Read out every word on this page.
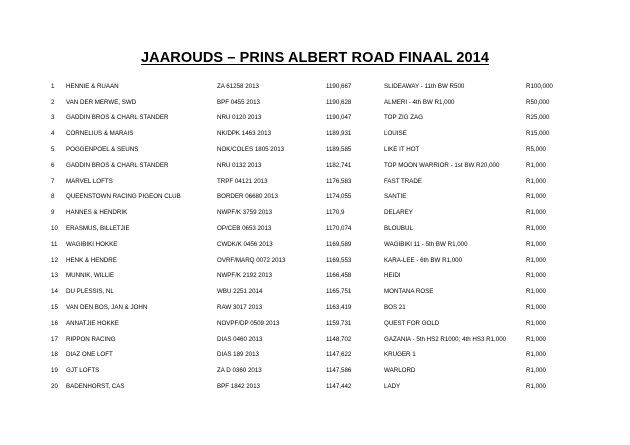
JAAROUDS – PRINS ALBERT ROAD FINAAL 2014
1	HENNIE & RUAAN	ZA 61258 2013	1190,667	SLIDEAWAY - 11th BW R500	R100,000
2	VAN DER MERWE, SWD	BPF 0455 2013	1190,628	ALMERI - 4th BW R1,000	R50,000
3	GADDIN BROS & CHARL STANDER	NRU 0120 2013	1190,047	TOP ZIG ZAG	R25,000
4	CORNELIUS & MARAIS	NK/DPK 1463 2013	1189,931	LOUISE	R15,000
5	POGGENPOEL & SEUNS	NOK/COLES 1805 2013	1189,585	LIKE IT HOT	R5,000
6	GADDIN BROS & CHARL STANDER	NRU 0132 2013	1182,741	TOP MOON WARRIOR - 1st BW R20,000	R1,000
7	MARVEL LOFTS	TRPF 04121 2013	1176,583	FAST TRADE	R1,000
8	QUEENSTOWN RACING PIGEON CLUB	BORDER 06680 2013	1174,055	SANTIE	R1,000
9	HANNES & HENDRIK	NWPF/K 3759 2013	1170,9	DELAREY	R1,000
10	ERASMUS, BILLETJIE	OP/CEB 0653 2013	1170,074	BLOUBUL	R1,000
11	WAGIBIKI HOKKE	CWDK/K 0456 2013	1169,589	WAGIBIKI 11 - 5th BW R1,000	R1,000
12	HENK & HENDRE	OVRF/MARQ 0072 2013	1169,553	KARA-LEE - 6th BW R1,000	R1,000
13	MUNNIK, WILLIE	NWPF/K 2192 2013	1166,458	HEIDI	R1,000
14	DU PLESSIS, NL	WBU 2251 2014	1165,751	MONTANA ROSE	R1,000
15	VAN DEN BOS, JAN & JOHN	RAW 3017 2013	1163,419	BOS 21	R1,000
16	ANNATJIE HOKKE	NOVPF/DP 0509 2013	1159,731	QUEST FOR GOLD	R1,000
17	RIPPON RACING	DIAS 0460 2013	1148,702	GAZANIA - 5th HS2 R1000; 4th HS3 R1,000	R1,000
18	DIAZ ONE LOFT	DIAS 189 2013	1147,622	KRUGER 1	R1,000
19	GJT LOFTS	ZA D 0360 2013	1147,586	WARLORD	R1,000
20	BADENHORST, CAS	BPF 1842 2013	1147,442	LADY	R1,000
